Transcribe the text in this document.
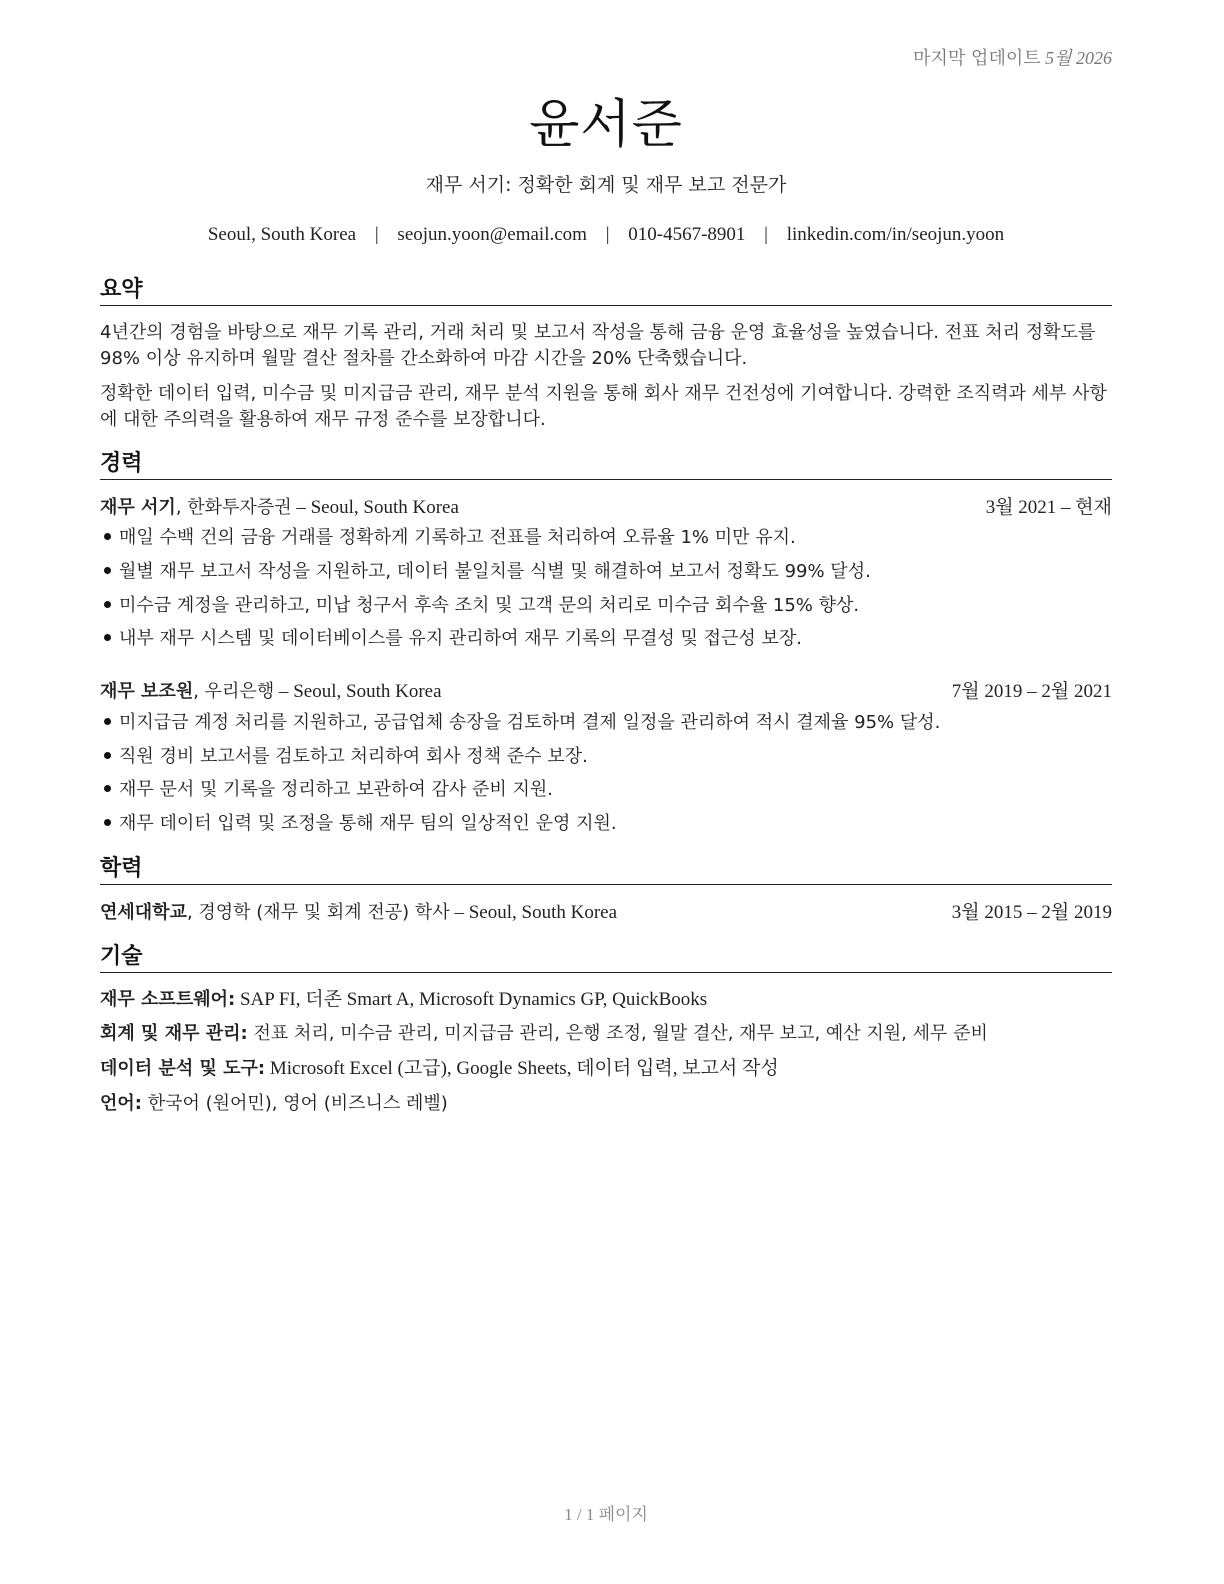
마지막 업데이트 5월 2026
윤서준
재무 서기: 정확한 회계 및 재무 보고 전문가
Seoul, South Korea | seojun.yoon@email.com | 010-4567-8901 | linkedin.com/in/seojun.yoon
요약
4년간의 경험을 바탕으로 재무 기록 관리, 거래 처리 및 보고서 작성을 통해 금융 운영 효율성을 높였습니다. 전표 처리 정확도를 98% 이상 유지하며 월말 결산 절차를 간소화하여 마감 시간을 20% 단축했습니다.
정확한 데이터 입력, 미수금 및 미지급금 관리, 재무 분석 지원을 통해 회사 재무 건전성에 기여합니다. 강력한 조직력과 세부 사항에 대한 주의력을 활용하여 재무 규정 준수를 보장합니다.
경력
재무 서기, 한화투자증권 – Seoul, South Korea	3월 2021 – 현재
매일 수백 건의 금융 거래를 정확하게 기록하고 전표를 처리하여 오류율 1% 미만 유지.
월별 재무 보고서 작성을 지원하고, 데이터 불일치를 식별 및 해결하여 보고서 정확도 99% 달성.
미수금 계정을 관리하고, 미납 청구서 후속 조치 및 고객 문의 처리로 미수금 회수율 15% 향상.
내부 재무 시스템 및 데이터베이스를 유지 관리하여 재무 기록의 무결성 및 접근성 보장.
재무 보조원, 우리은행 – Seoul, South Korea	7월 2019 – 2월 2021
미지급금 계정 처리를 지원하고, 공급업체 송장을 검토하며 결제 일정을 관리하여 적시 결제율 95% 달성.
직원 경비 보고서를 검토하고 처리하여 회사 정책 준수 보장.
재무 문서 및 기록을 정리하고 보관하여 감사 준비 지원.
재무 데이터 입력 및 조정을 통해 재무 팀의 일상적인 운영 지원.
학력
연세대학교, 경영학 (재무 및 회계 전공) 학사 – Seoul, South Korea	3월 2015 – 2월 2019
기술
재무 소프트웨어: SAP FI, 더존 Smart A, Microsoft Dynamics GP, QuickBooks
회계 및 재무 관리: 전표 처리, 미수금 관리, 미지급금 관리, 은행 조정, 월말 결산, 재무 보고, 예산 지원, 세무 준비
데이터 분석 및 도구: Microsoft Excel (고급), Google Sheets, 데이터 입력, 보고서 작성
언어: 한국어 (원어민), 영어 (비즈니스 레벨)
1 / 1 페이지
